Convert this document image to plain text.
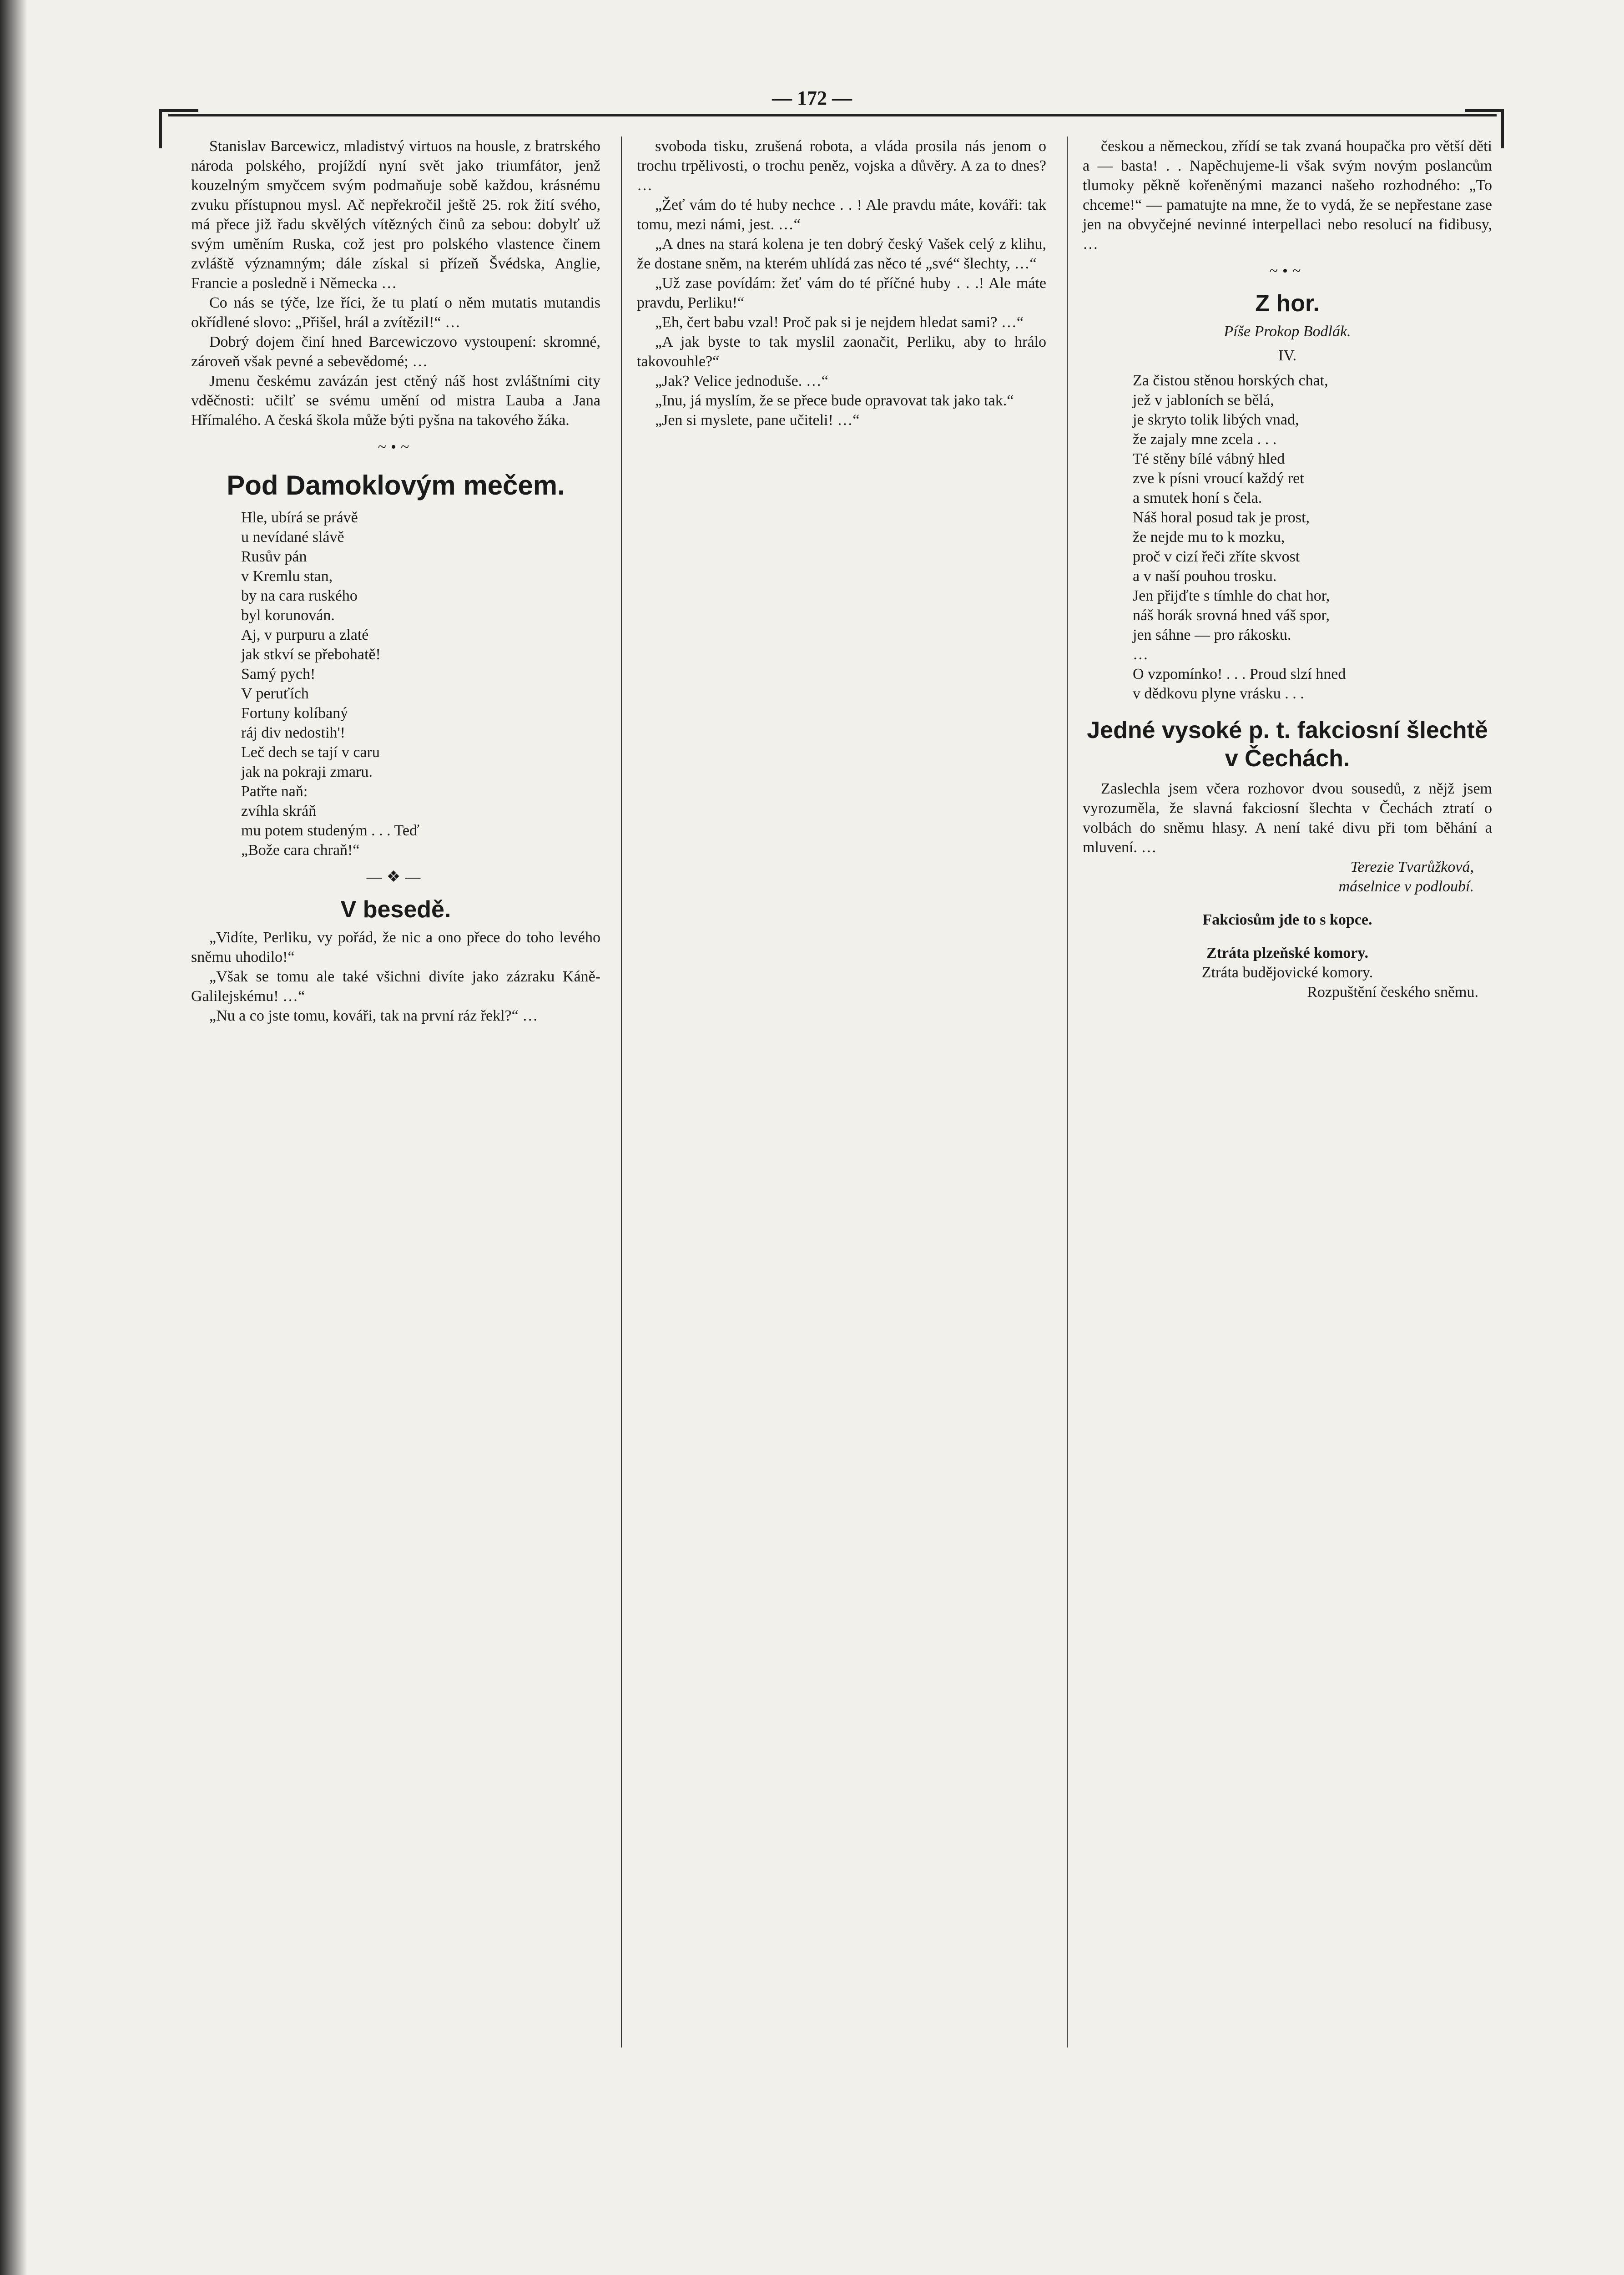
— 172 —

Stanislav Barcewicz, mladistvý virtuos na housle, z bratrského národa polského, projíždí nyní svět jako triumfátor, jenž kouzelným smyčcem svým podmaňuje sobě každou, krásnému zvuku přístupnou mysl. Ač nepřekročil ještě 25. rok žití svého, má přece již řadu skvělých vítězných činů za sebou: dobylť už svým uměním Ruska, což jest pro polského vlastence činem zvláště významným; dále získal si přízeň Švédska, Anglie, Francie a posledně i Německa …

Co nás se týče, lze říci, že tu platí o něm mutatis mutandis okřídlené slovo: „Přišel, hrál a zvítězil!“ …

Dobrý dojem činí hned Barcewiczovo vystoupení: skromné, zároveň však pevné a sebevědomé; …

Jmenu českému zavázán jest ctěný náš host zvláštními city vděčnosti: učilť se svému umění od mistra Lauba a Jana Hřímalého. A česká škola může býti pyšna na takového žáka.

~•~
Pod Damoklovým mečem.
Hle, ubírá se právě
u nevídané slávě
Rusův pán
v Kremlu stan,
by na cara ruského
byl korunován.
Aj, v purpuru a zlaté
jak stkví se přebohatě!
Samý pych!
V peruťích
Fortuny kolíbaný
ráj div nedostih'!
Leč dech se tají v caru
jak na pokraji zmaru.
Patřte naň:
zvíhla skráň
mu potem studeným . . . Teď
„Bože cara chraň!“
—❖—
V besedě.

„Vidíte, Perliku, vy pořád, že nic a ono přece do toho levého sněmu uhodilo!“

„Však se tomu ale také všichni divíte jako zázraku Káně-Galilejskému! …“

„Nu a co jste tomu, kováři, tak na první ráz řekl?“ …

svoboda tisku, zrušená robota, a vláda prosila nás jenom o trochu trpělivosti, o trochu peněz, vojska a důvěry. A za to dnes? …

„Žeť vám do té huby nechce . . ! Ale pravdu máte, kováři: tak tomu, mezi námi, jest. …“

„A dnes na stará kolena je ten dobrý český Vašek celý z klihu, že dostane sněm, na kterém uhlídá zas něco té „své“ šlechty, …“

„Už zase povídám: žeť vám do té příčné huby . . .! Ale máte pravdu, Perliku!“

„Eh, čert babu vzal! Proč pak si je nejdem hledat sami? …“

„A jak byste to tak myslil zaonačit, Perliku, aby to hrálo takovouhle?“

„Jak? Velice jednoduše. …“

„Inu, já myslím, že se přece bude opravovat tak jako tak.“

„Jen si myslete, pane učiteli! …“

českou a německou, zřídí se tak zvaná houpačka pro větší děti a — basta! . . Napěchujeme-li však svým novým poslancům tlumoky pěkně kořeněnými mazanci našeho rozhodného: „To chceme!“ — pamatujte na mne, že to vydá, že se nepřestane zase jen na obvyčejné nevinné interpellaci nebo resolucí na fidibusy, …

~•~
Z hor.
Píše Prokop Bodlák.
IV.
Za čistou stěnou horských chat,
jež v jabloních se bělá,
je skryto tolik libých vnad,
že zajaly mne zcela . . .
Té stěny bílé vábný hled
zve k písni vroucí každý ret
a smutek honí s čela.
Náš horal posud tak je prost,
že nejde mu to k mozku,
proč v cizí řeči zříte skvost
a v naší pouhou trosku.
Jen přijďte s tímhle do chat hor,
náš horák srovná hned váš spor,
jen sáhne — pro rákosku.
…
O vzpomínko! . . . Proud slzí hned
v dědkovu plyne vrásku . . .
Jedné vysoké p. t. fakciosní šlechtě v Čechách.

Zaslechla jsem včera rozhovor dvou sousedů, z nějž jsem vyrozuměla, že slavná fakciosní šlechta v Čechách ztratí o volbách do sněmu hlasy. A není také divu při tom běhání a mluvení. …

Terezie Tvarůžková,
máselnice v podloubí.
Fakciosům jde to s kopce.
Ztráta plzeňské komory.
Ztráta budějovické komory.
Rozpuštění českého sněmu.
